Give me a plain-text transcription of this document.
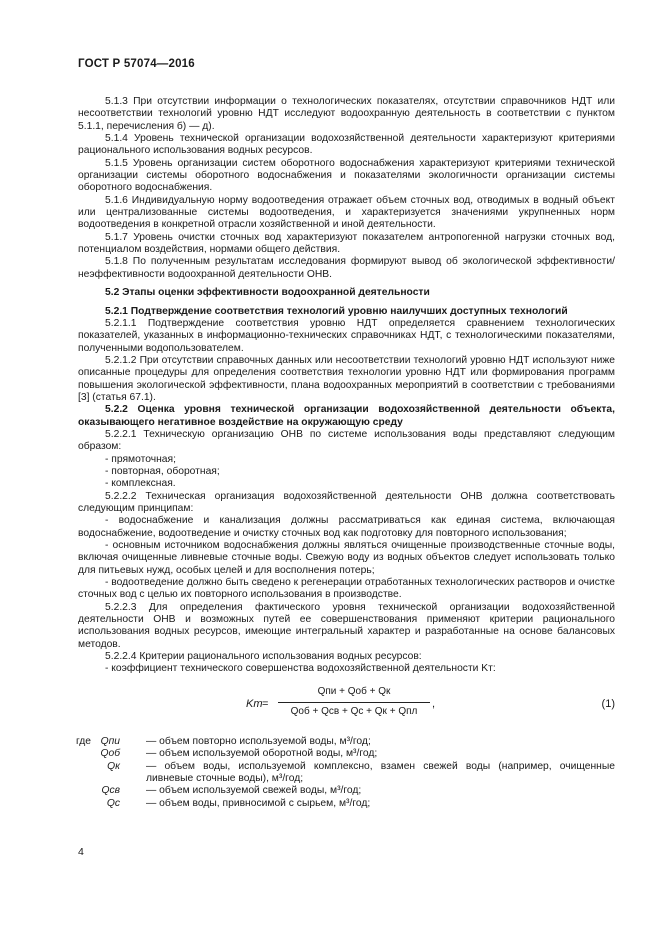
ГОСТ Р 57074—2016

5.1.3 При отсутствии информации о технологических показателях, отсутствии справочников НДТ или несоответствии технологий уровню НДТ исследуют водоохранную деятельность в соответствии с пунктом 5.1.1, перечисления б) — д).

5.1.4 Уровень технической организации водохозяйственной деятельности характеризуют критериями рационального использования водных ресурсов.

5.1.5 Уровень организации систем оборотного водоснабжения характеризуют критериями технической организации системы оборотного водоснабжения и показателями экологичности организации системы оборотного водоснабжения.

5.1.6 Индивидуальную норму водоотведения отражает объем сточных вод, отводимых в водный объект или централизованные системы водоотведения, и характеризуется значениями укрупненных норм водоотведения в конкретной отрасли хозяйственной и иной деятельности.

5.1.7 Уровень очистки сточных вод характеризуют показателем антропогенной нагрузки сточных вод, потенциалом воздействия, нормами общего действия.

5.1.8 По полученным результатам исследования формируют вывод об экологической эффективности/неэффективности водоохранной деятельности ОНВ.

5.2 Этапы оценки эффективности водоохранной деятельности

5.2.1 Подтверждение соответствия технологий уровню наилучших доступных технологий

5.2.1.1 Подтверждение соответствия уровню НДТ определяется сравнением технологических показателей, указанных в информационно-технических справочниках НДТ, с технологическими показателями, полученными водопользователем.

5.2.1.2 При отсутствии справочных данных или несоответствии технологий уровню НДТ используют ниже описанные процедуры для определения соответствия технологии уровню НДТ или формирования программ повышения экологической эффективности, плана водоохранных мероприятий в соответствии с требованиями [3] (статья 67.1).

5.2.2 Оценка уровня технической организации водохозяйственной деятельности объекта, оказывающего негативное воздействие на окружающую среду

5.2.2.1 Техническую организацию ОНВ по системе использования воды представляют следующим образом:

- прямоточная;

- повторная, оборотная;

- комплексная.

5.2.2.2 Техническая организация водохозяйственной деятельности ОНВ должна соответствовать следующим принципам:

- водоснабжение и канализация должны рассматриваться как единая система, включающая водоснабжение, водоотведение и очистку сточных вод как подготовку для повторного использования;

- основным источником водоснабжения должны являться очищенные производственные сточные воды, включая очищенные ливневые сточные воды. Свежую воду из водных объектов следует использовать только для питьевых нужд, особых целей и для восполнения потерь;

- водоотведение должно быть сведено к регенерации отработанных технологических растворов и очистке сточных вод с целью их повторного использования в производстве.

5.2.2.3 Для определения фактического уровня технической организации водохозяйственной деятельности ОНВ и возможных путей ее совершенствования применяют критерии рационального использования водных ресурсов, имеющие интегральный характер и разработанные на основе балансовых методов.

5.2.2.4 Критерии рационального использования водных ресурсов:

- коэффициент технического совершенства водохозяйственной деятельности Kт:

Kт =
Qпи + Qоб + Qк
Qоб + Qсв + Qс + Qк + Qпл
,	(1)
где Qпи	— объем повторно используемой воды, м³/год;
Qоб	— объем используемой оборотной воды, м³/год;
Qк	— объем воды, используемой комплексно, взамен свежей воды (например, очищенные ливневые сточные воды), м³/год;
Qсв	— объем используемой свежей воды, м³/год;
Qс	— объем воды, привносимой с сырьем, м³/год;
4
